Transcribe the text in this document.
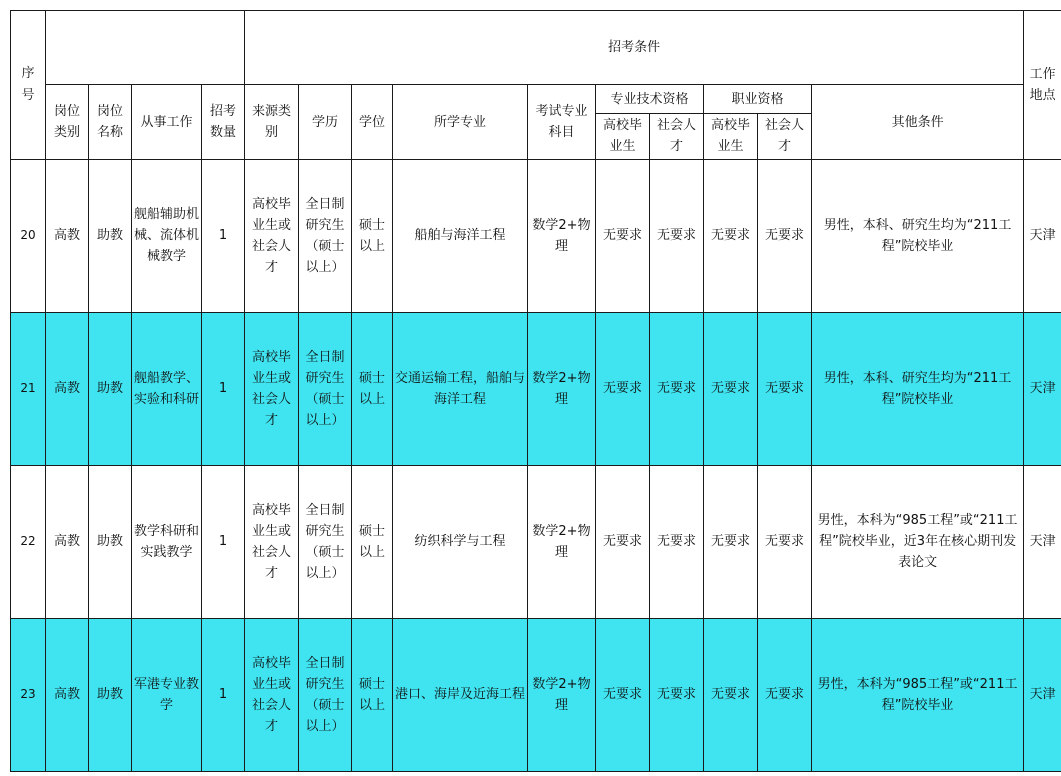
序号					招考条件										工作地点
	岗位类别	岗位名称	从事工作	招考数量	来源类别	学历	学位	所学专业	考试专业科目	专业技术资格		职业资格		其他条件	
										高校毕业生	社会人才	高校毕业生	社会人才		
20	高教	助教	舰船辅助机械、流体机械教学	1	高校毕业生或社会人才	全日制研究生（硕士以上）	硕士以上	船舶与海洋工程	数学2+物理	无要求	无要求	无要求	无要求	男性，本科、研究生均为“211工程”院校毕业	天津
21	高教	助教	舰船教学、实验和科研	1	高校毕业生或社会人才	全日制研究生（硕士以上）	硕士以上	交通运输工程，船舶与海洋工程	数学2+物理	无要求	无要求	无要求	无要求	男性，本科、研究生均为“211工程”院校毕业	天津
22	高教	助教	教学科研和实践教学	1	高校毕业生或社会人才	全日制研究生（硕士以上）	硕士以上	纺织科学与工程	数学2+物理	无要求	无要求	无要求	无要求	男性，本科为“985工程”或“211工程”院校毕业，近3年在核心期刊发表论文	天津
23	高教	助教	军港专业教学	1	高校毕业生或社会人才	全日制研究生（硕士以上）	硕士以上	港口、海岸及近海工程	数学2+物理	无要求	无要求	无要求	无要求	男性，本科为“985工程”或“211工程”院校毕业	天津
